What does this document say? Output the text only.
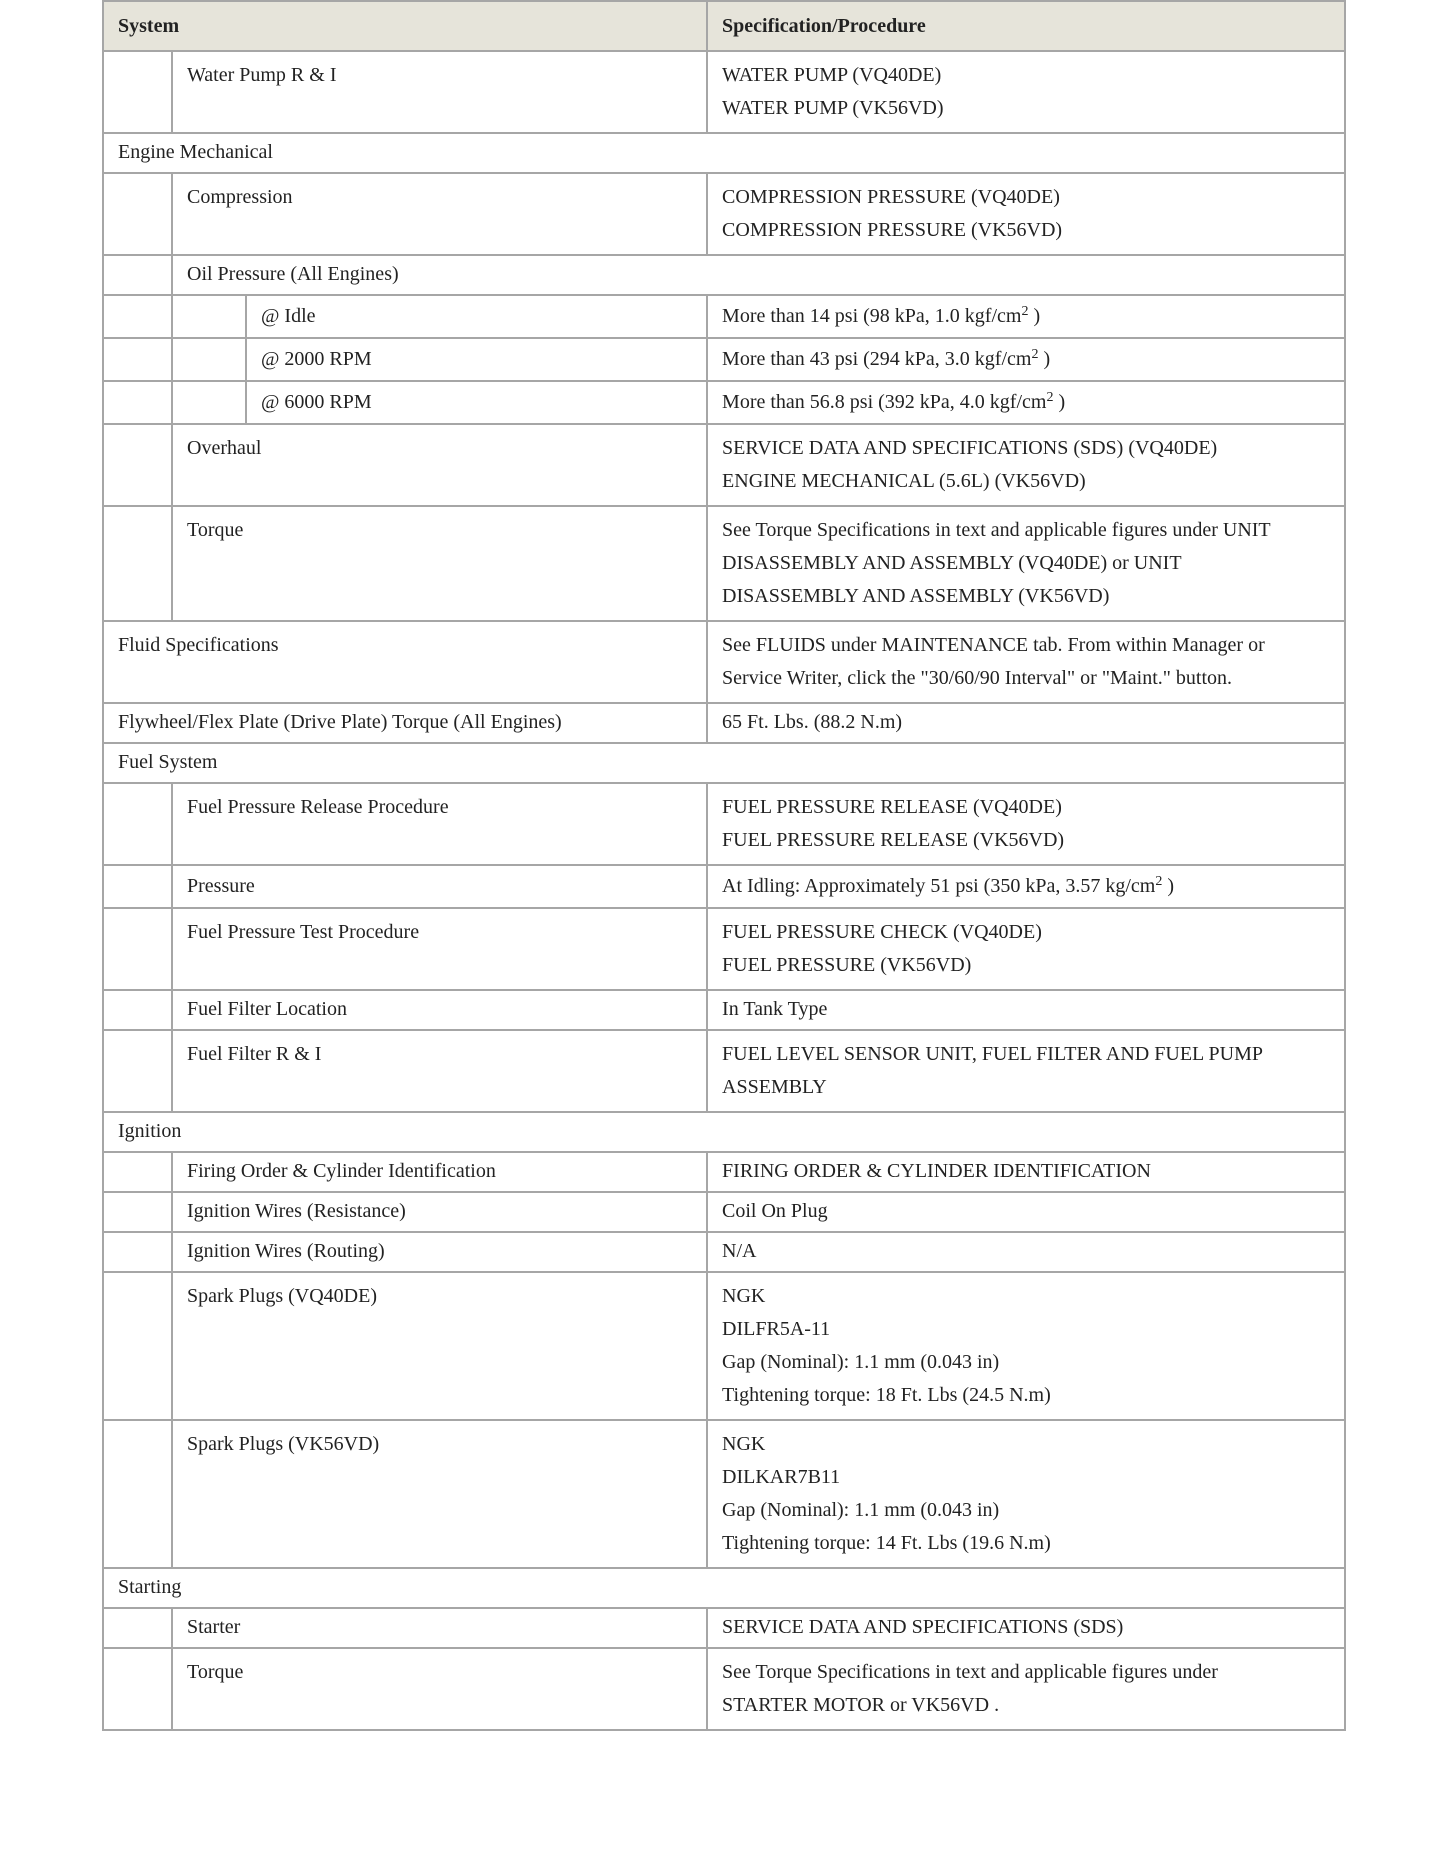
System			Specification/Procedure
	Water Pump R & I		WATER PUMP (VQ40DE)
WATER PUMP (VK56VD)

Engine Mechanical			
	Compression		COMPRESSION PRESSURE (VQ40DE)
COMPRESSION PRESSURE (VK56VD)

	Oil Pressure (All Engines)		
		@ Idle	More than 14 psi (98 kPa, 1.0 kgf/$cm^2$ )
		@ 2000 RPM	More than 43 psi (294 kPa, 3.0 kgf/$cm^2$ )
		@ 6000 RPM	More than 56.8 psi (392 kPa, 4.0 kgf/$cm^2$ )
	Overhaul		SERVICE DATA AND SPECIFICATIONS (SDS) (VQ40DE)
ENGINE MECHANICAL (5.6L) (VK56VD)

	Torque		See Torque Specifications in text and applicable figures under UNIT
DISASSEMBLY AND ASSEMBLY (VQ40DE) or UNIT
DISASSEMBLY AND ASSEMBLY (VK56VD)

Fluid Specifications			See FLUIDS under MAINTENANCE tab. From within Manager or
Service Writer, click the "30/60/90 Interval" or "Maint." button.

Flywheel/Flex Plate (Drive Plate) Torque (All Engines)			65 Ft. Lbs. (88.2 N.m)

Fuel System			
	Fuel Pressure Release Procedure		FUEL PRESSURE RELEASE (VQ40DE)
FUEL PRESSURE RELEASE (VK56VD)

	Pressure		At Idling: Approximately 51 psi (350 kPa, 3.57 $kg/cm^2$ )
	Fuel Pressure Test Procedure		FUEL PRESSURE CHECK (VQ40DE)
FUEL PRESSURE (VK56VD)

	Fuel Filter Location		In Tank Type

	Fuel Filter R & I		FUEL LEVEL SENSOR UNIT, FUEL FILTER AND FUEL PUMP
ASSEMBLY

Ignition			
	Firing Order & Cylinder Identification		FIRING ORDER & CYLINDER IDENTIFICATION

	Ignition Wires (Resistance)		Coil On Plug

	Ignition Wires (Routing)		N/A

	Spark Plugs (VQ40DE)		NGK
DILFR5A-11
Gap (Nominal): 1.1 mm (0.043 in)
Tightening torque: 18 Ft. Lbs (24.5 N.m)

	Spark Plugs (VK56VD)		NGK
DILKAR7B11
Gap (Nominal): 1.1 mm (0.043 in)
Tightening torque: 14 Ft. Lbs (19.6 N.m)

Starting			
	Starter		SERVICE DATA AND SPECIFICATIONS (SDS)

	Torque		See Torque Specifications in text and applicable figures under
STARTER MOTOR or VK56VD .
